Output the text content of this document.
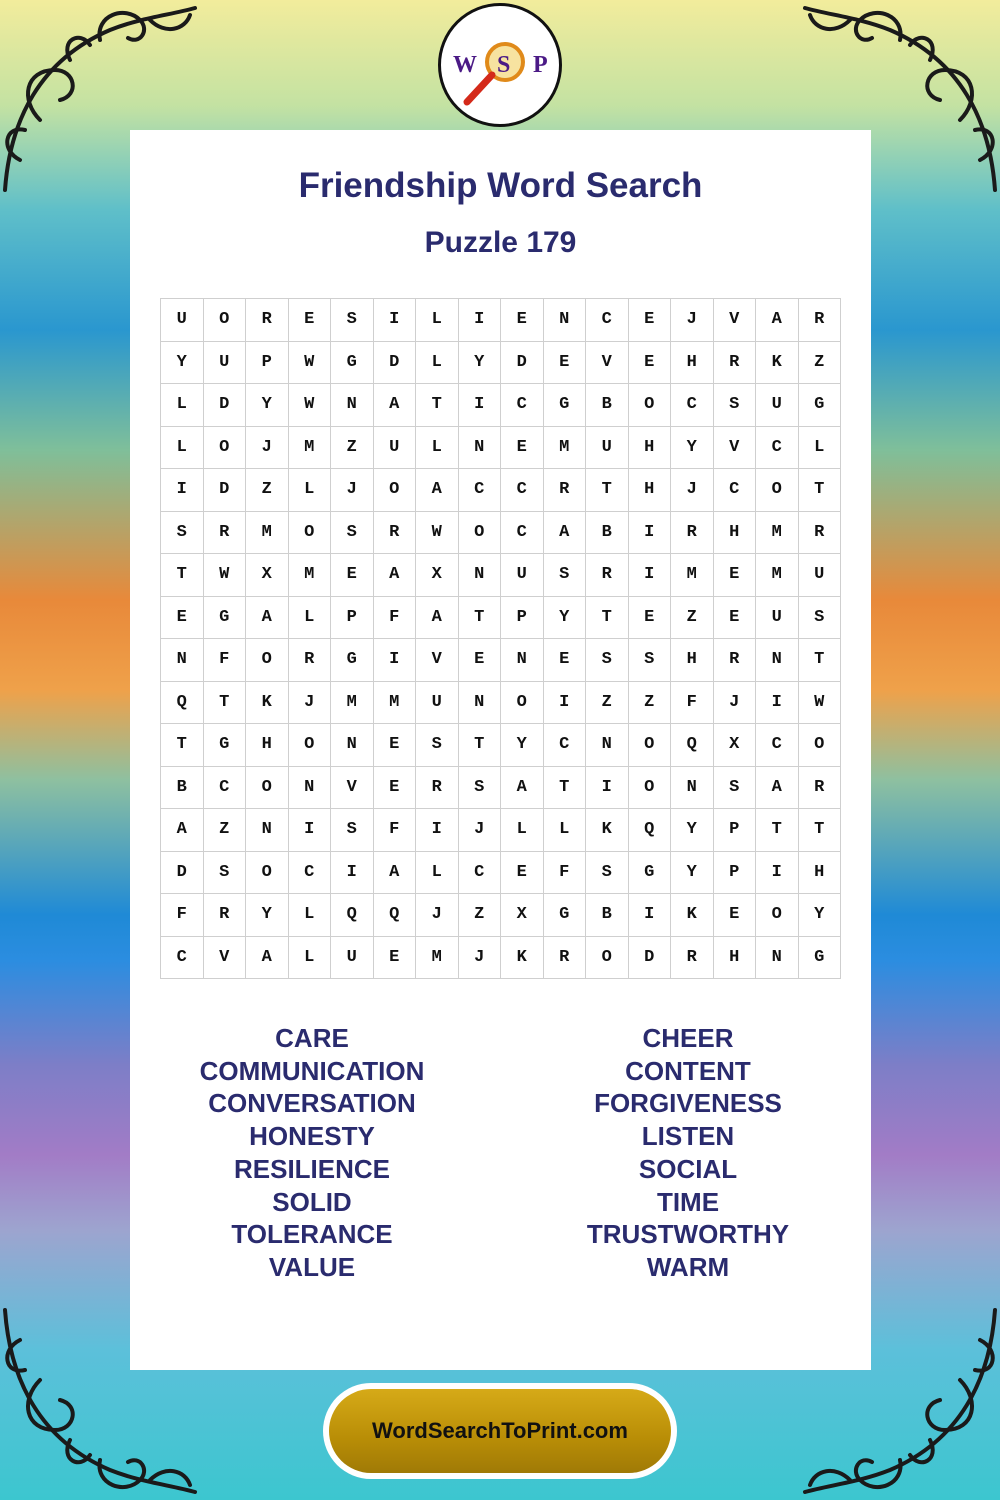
W S P
Friendship Word Search
Puzzle 179
U	O	R	E	S	I	L	I	E	N	C	E	J	V	A	R
Y	U	P	W	G	D	L	Y	D	E	V	E	H	R	K	Z
L	D	Y	W	N	A	T	I	C	G	B	O	C	S	U	G
L	O	J	M	Z	U	L	N	E	M	U	H	Y	V	C	L
I	D	Z	L	J	O	A	C	C	R	T	H	J	C	O	T
S	R	M	O	S	R	W	O	C	A	B	I	R	H	M	R
T	W	X	M	E	A	X	N	U	S	R	I	M	E	M	U
E	G	A	L	P	F	A	T	P	Y	T	E	Z	E	U	S
N	F	O	R	G	I	V	E	N	E	S	S	H	R	N	T
Q	T	K	J	M	M	U	N	O	I	Z	Z	F	J	I	W
T	G	H	O	N	E	S	T	Y	C	N	O	Q	X	C	O
B	C	O	N	V	E	R	S	A	T	I	O	N	S	A	R
A	Z	N	I	S	F	I	J	L	L	K	Q	Y	P	T	T
D	S	O	C	I	A	L	C	E	F	S	G	Y	P	I	H
F	R	Y	L	Q	Q	J	Z	X	G	B	I	K	E	O	Y
C	V	A	L	U	E	M	J	K	R	O	D	R	H	N	G
CARE
COMMUNICATION
CONVERSATION
HONESTY
RESILIENCE
SOLID
TOLERANCE
VALUE
CHEER
CONTENT
FORGIVENESS
LISTEN
SOCIAL
TIME
TRUSTWORTHY
WARM
WordSearchToPrint.com
